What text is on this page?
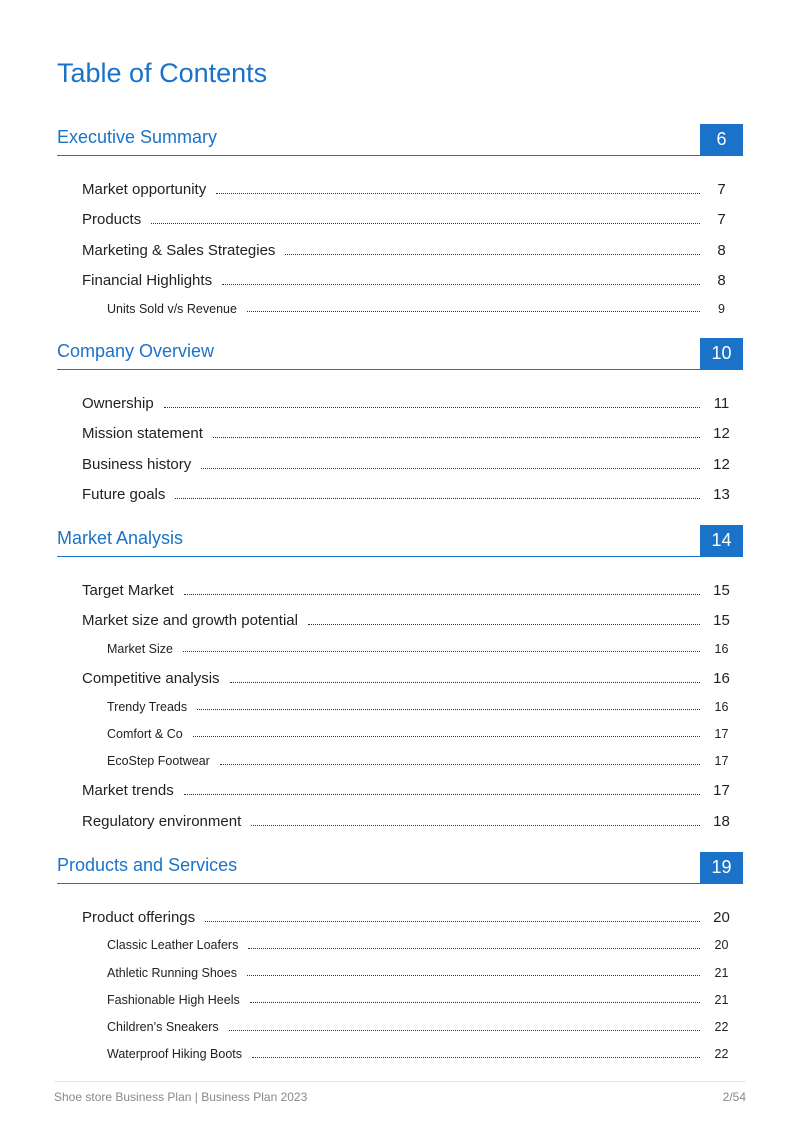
Table of Contents
Executive Summary	6
Market opportunity	7
Products	7
Marketing & Sales Strategies	8
Financial Highlights	8
Units Sold v/s Revenue	9
Company Overview	10
Ownership	11
Mission statement	12
Business history	12
Future goals	13
Market Analysis	14
Target Market	15
Market size and growth potential	15
Market Size	16
Competitive analysis	16
Trendy Treads	16
Comfort & Co	17
EcoStep Footwear	17
Market trends	17
Regulatory environment	18
Products and Services	19
Product offerings	20
Classic Leather Loafers	20
Athletic Running Shoes	21
Fashionable High Heels	21
Children’s Sneakers	22
Waterproof Hiking Boots	22
Shoe store Business Plan | Business Plan 2023	2/54
